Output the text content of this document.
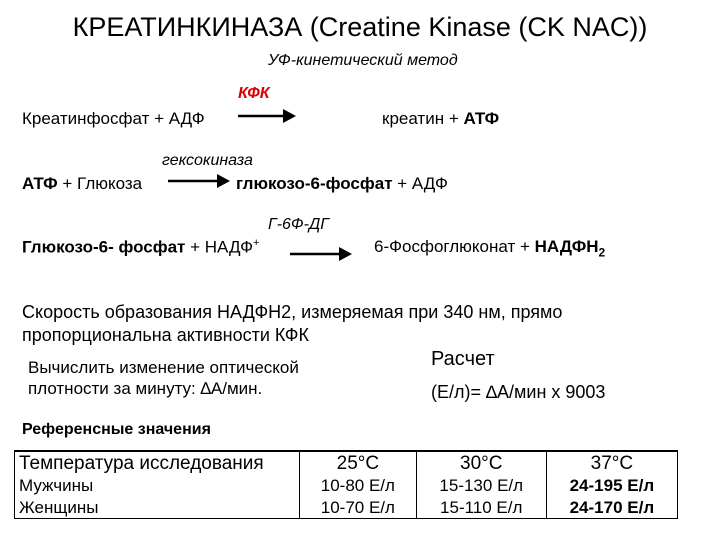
КРЕАТИНКИНАЗА (Creatine Kinase (CK NAC))
УФ-кинетический метод
КФК
Креатинфосфат + АДФ	креатин + АТФ
гексокиназа
АТФ + Глюкоза → глюкозо-6-фосфат + АДФ
Г-6Ф-ДГ
Глюкозо-6- фосфат + НАДФ+ → 6-Фосфоглюконат + $НАДФН_2$
Скорость образования НАДФН2, измеряемая при 340 нм, прямо
пропорциональна активности КФК
Вычислить изменение оптической
плотности за минуту: ∆А/мин.
Расчет
(Е/л)= ∆А/мин х 9003
Референсные значения
Температура исследования	25°С	30°С	37°С
Мужчины	10-80 Е/л	15-130 Е/л	24-195 Е/л
Женщины	10-70 Е/л	15-110 Е/л	24-170 Е/л
